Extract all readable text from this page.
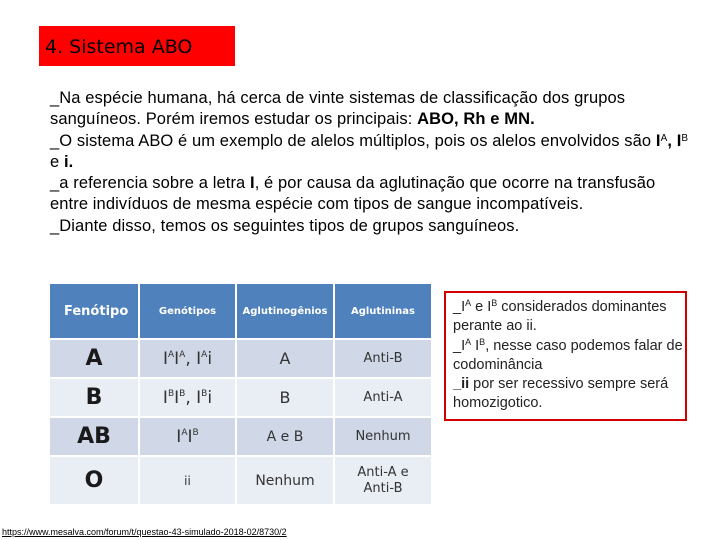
4. Sistema ABO

_Na espécie humana, há cerca de vinte sistemas de classificação dos grupos sanguíneos. Porém iremos estudar os principais: ABO, Rh e MN.

_O sistema ABO é um exemplo de alelos múltiplos, pois os alelos envolvidos são $I^A$, $I^B$ e i.

_a referencia sobre a letra I, é por causa da aglutinação que ocorre na transfusão entre indivíduos de mesma espécie com tipos de sangue incompatíveis.

_Diante disso, temos os seguintes tipos de grupos sanguíneos.

Fenótipo	Genótipos	Aglutinogênios	Aglutininas
A	$I^AI^A$, $I^Ai$	A	Anti-B
B	$I^BI^B$, $I^Bi$	B	Anti-A
AB	$I^AI^B$	A e B	Nenhum
O	ii	Nenhum	Anti-A e
Anti-B

$\_I^A$ e $I^B$ considerados dominantes perante ao ii.

$\_I^A$ $I^B$, nesse caso podemos falar de codominância

_ii por ser recessivo sempre será homozigotico.

https://www.mesalva.com/forum/t/questao-43-simulado-2018-02/8730/2
